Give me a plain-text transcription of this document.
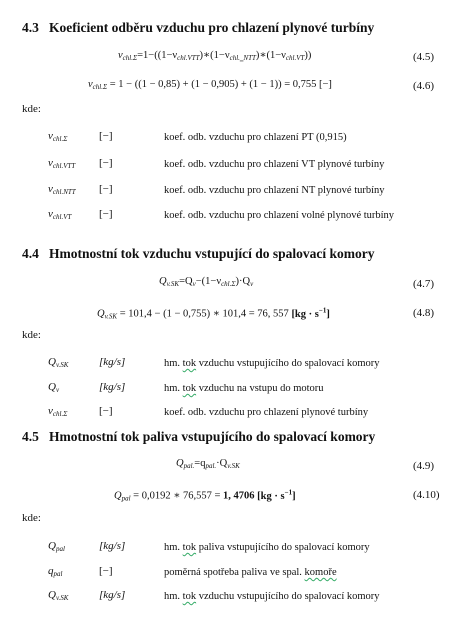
4.3 Koeficient odběru vzduchu pro chlazení plynové turbíny
$\nu_{chl.\Sigma}=1-((1-\nu_{chl.VTT})∗(1-\nu_{chl.‗NTT})∗(1-\nu_{chl.VT}))$	(4.5)
$\nu_{chl.\Sigma} = 1 - ((1 - 0,85) + (1 - 0,905) + (1 - 1)) = 0,755$ [−]	(4.6)
kde:
$\nu_{chl.\Sigma}$	[−]	koef. odb. vzduchu pro chlazení PT (0,915)
$\nu_{chl.VTT}$ [−]	koef. odb. vzduchu pro chlazení VT plynové turbíny
$\nu_{chl.NTT}$ [−]	koef. odb. vzduchu pro chlazení NT plynové turbíny
$\nu_{chl.VT}$	[−]	koef. odb. vzduchu pro chlazení volné plynové turbíny
4.4 Hmotnostní tok vzduchu vstupující do spalovací komory
$Q_{v.SK}=Q_v-(1-\nu_{chl.\Sigma})\cdot Q_v$	(4.7)
$Q_{v.SK} = 101,4 - (1 - 0,755)$ ∗ 101,4 = 76, 557 $[kg \cdot s^{-1}]$	(4.8)
kde:
$Q_{v.SK}$	[kg/s]	hm. tok vzduchu vstupujícího do spalovací komory
$Q_v$	[kg/s]	hm. tok vzduchu na vstupu do motoru
$\nu_{chl.\Sigma}$	[−]	koef. odb. vzduchu pro chlazení plynové turbíny
4.5 Hmotnostní tok paliva vstupujícího do spalovací komory
$Q_{pal.}=q_{pal.}\cdot Q_{v.SK}$	(4.9)
$Q_{pal} = 0,0192$ ∗ 76,557 = 1, 4706 $[kg \cdot s^{-1}]$	(4.10)
kde:
$Q_{pal}$	[kg/s]	hm. tok paliva vstupujícího do spalovací komory
$q_{pal}$	[−]	poměrná spotřeba paliva ve spal. komoře
$Q_{v.SK}$	[kg/s]	hm. tok vzduchu vstupujícího do spalovací komory
